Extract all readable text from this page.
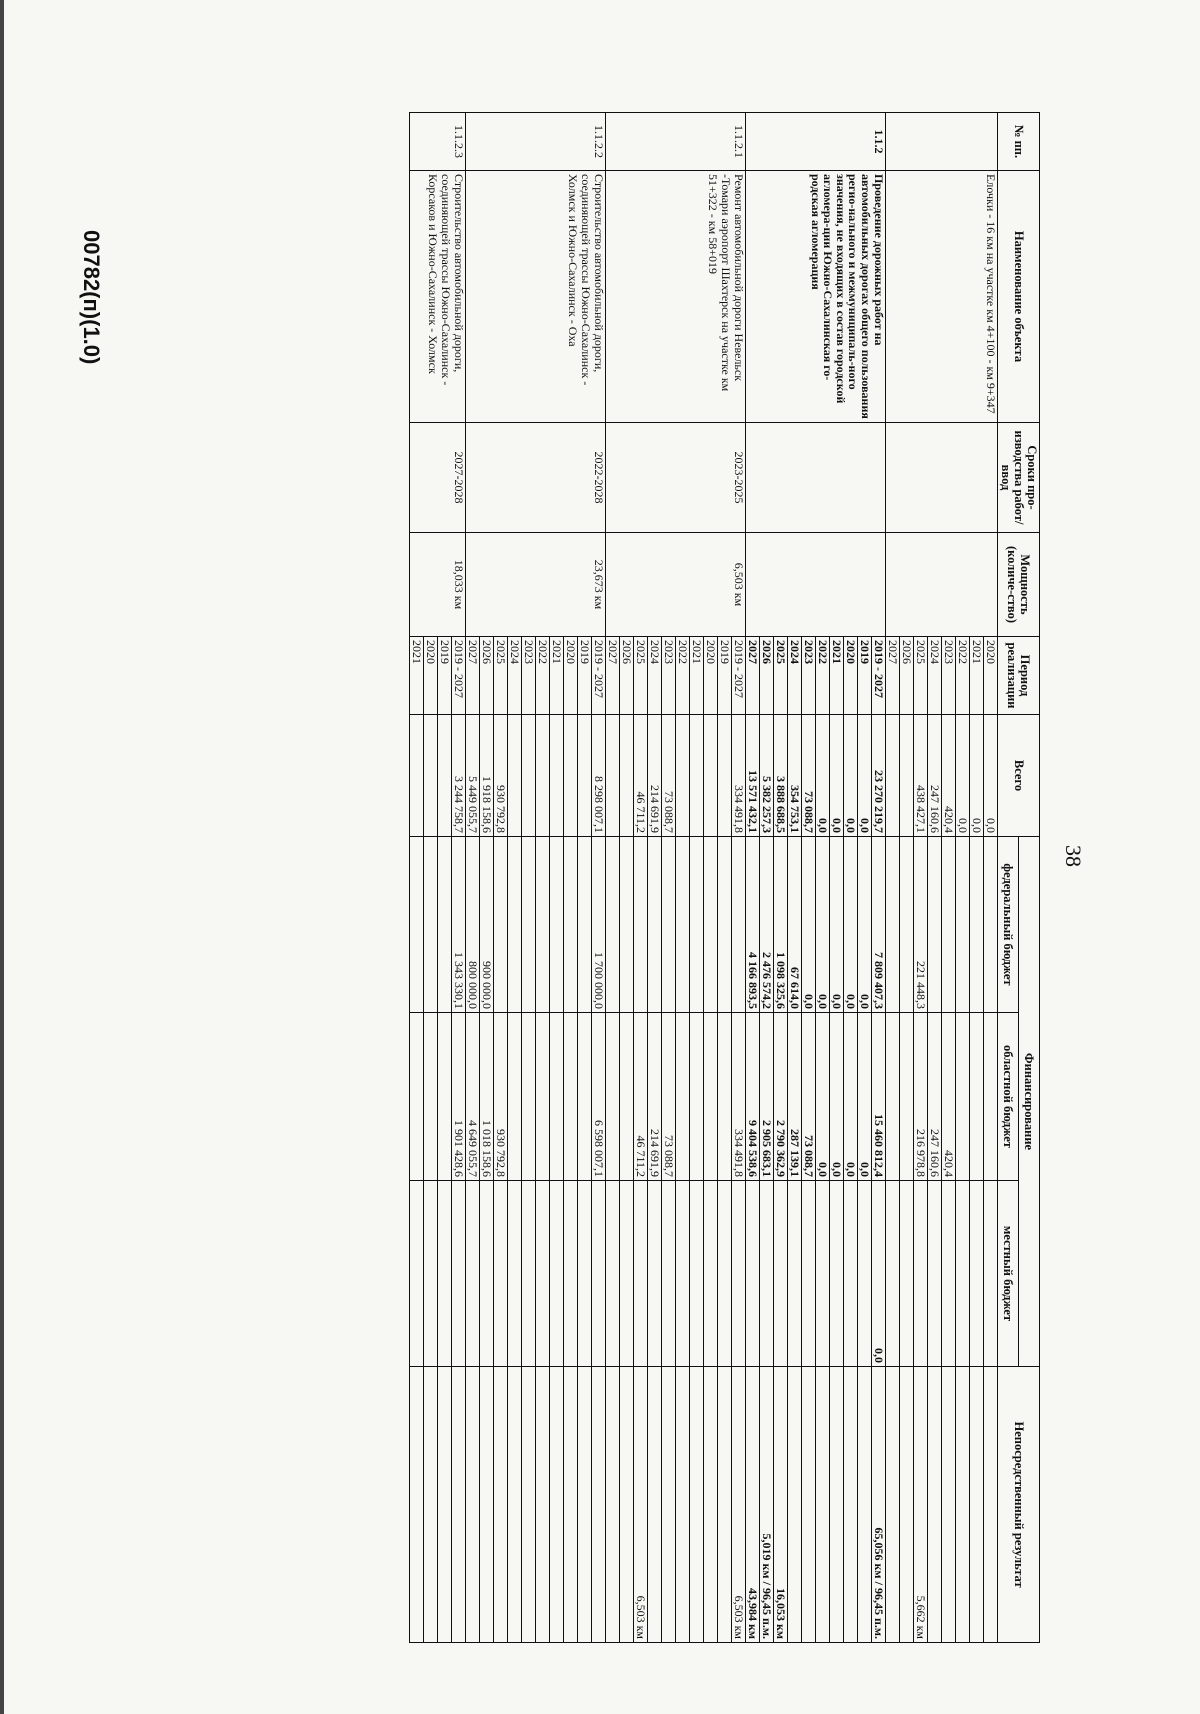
00782(п)(1.0)
38
№ пп.	Наименование объекта	Сроки про-изводства работ/ ввод	Мощность (количе-ство)	Период реализации	Всего	Финансирование			Непосредственный результат
						федеральный бюджет	областной бюджет	местный бюджет	
	Елочки - 16 км на участке км 4+100 - км 9+347			2020	0,0				
				2021	0,0				
				2022	0,0				
				2023	420,4		420,4		
				2024	247 160,6		247 160,6		
				2025	438 427,1	221 448,3	216 978,8		5,662 км
				2026					
				2027					
1.1.2	Проведение дорожных работ на автомобильных дорогах общего пользования регио-нального и межмуниципаль-ного значения, не входящих в состав городской агломера-ции Южно-Сахалинская го-родская агломерация			2019 - 2027	23 270 219,7	7 809 407,3	15 460 812,4	0,0	65,056 км / 96,45 п.м.
				2019	0,0	0,0	0,0		
				2020	0,0	0,0	0,0		
				2021	0,0	0,0	0,0		
				2022	0,0	0,0	0,0		
				2023	73 088,7	0,0	73 088,7		
				2024	354 753,1	67 614,0	287 139,1		
				2025	3 888 688,5	1 098 325,6	2 790 362,9		16,053 км
				2026	5 382 257,3	2 476 574,2	2 905 683,1		5,019 км / 96,45 п.м.
				2027	13 571 432,1	4 166 893,5	9 404 538,6		43,984 км
1.1.2.1	Ремонт автомобильной дороги Невельск -Томари аэропорт Шахтерск на участке км 51+322 - км 58+019	2023-2025	6,503 км	2019 - 2027	334 491,8		334 491,8		6,503 км
				2019					
				2020					
				2021					
				2022					
				2023	73 088,7		73 088,7		
				2024	214 691,9		214 691,9		
				2025	46 711,2		46 711,2		6,503 км
				2026					
				2027					
1.1.2.2	Строительство автомобильной дороги, соединяющей трассы Южно-Сахалинск - Холмск и Южно-Сахалинск - Оха	2022-2028	23,673 км	2019 - 2027	8 298 007,1	1 700 000,0	6 598 007,1		
				2019					
				2020					
				2021					
				2022					
				2023					
				2024					
				2025	930 792,8		930 792,8		
				2026	1 918 158,6	900 000,0	1 018 158,6		
				2027	5 449 055,7	800 000,0	4 649 055,7		
1.1.2.3	Строительство автомобильной дороги, соединяющей трассы Южно-Сахалинск - Корсаков и Южно-Сахалинск - Холмск	2027-2028	18,033 км	2019 - 2027	3 244 758,7	1 343 330,1	1 901 428,6		
				2019					
				2020					
				2021					
